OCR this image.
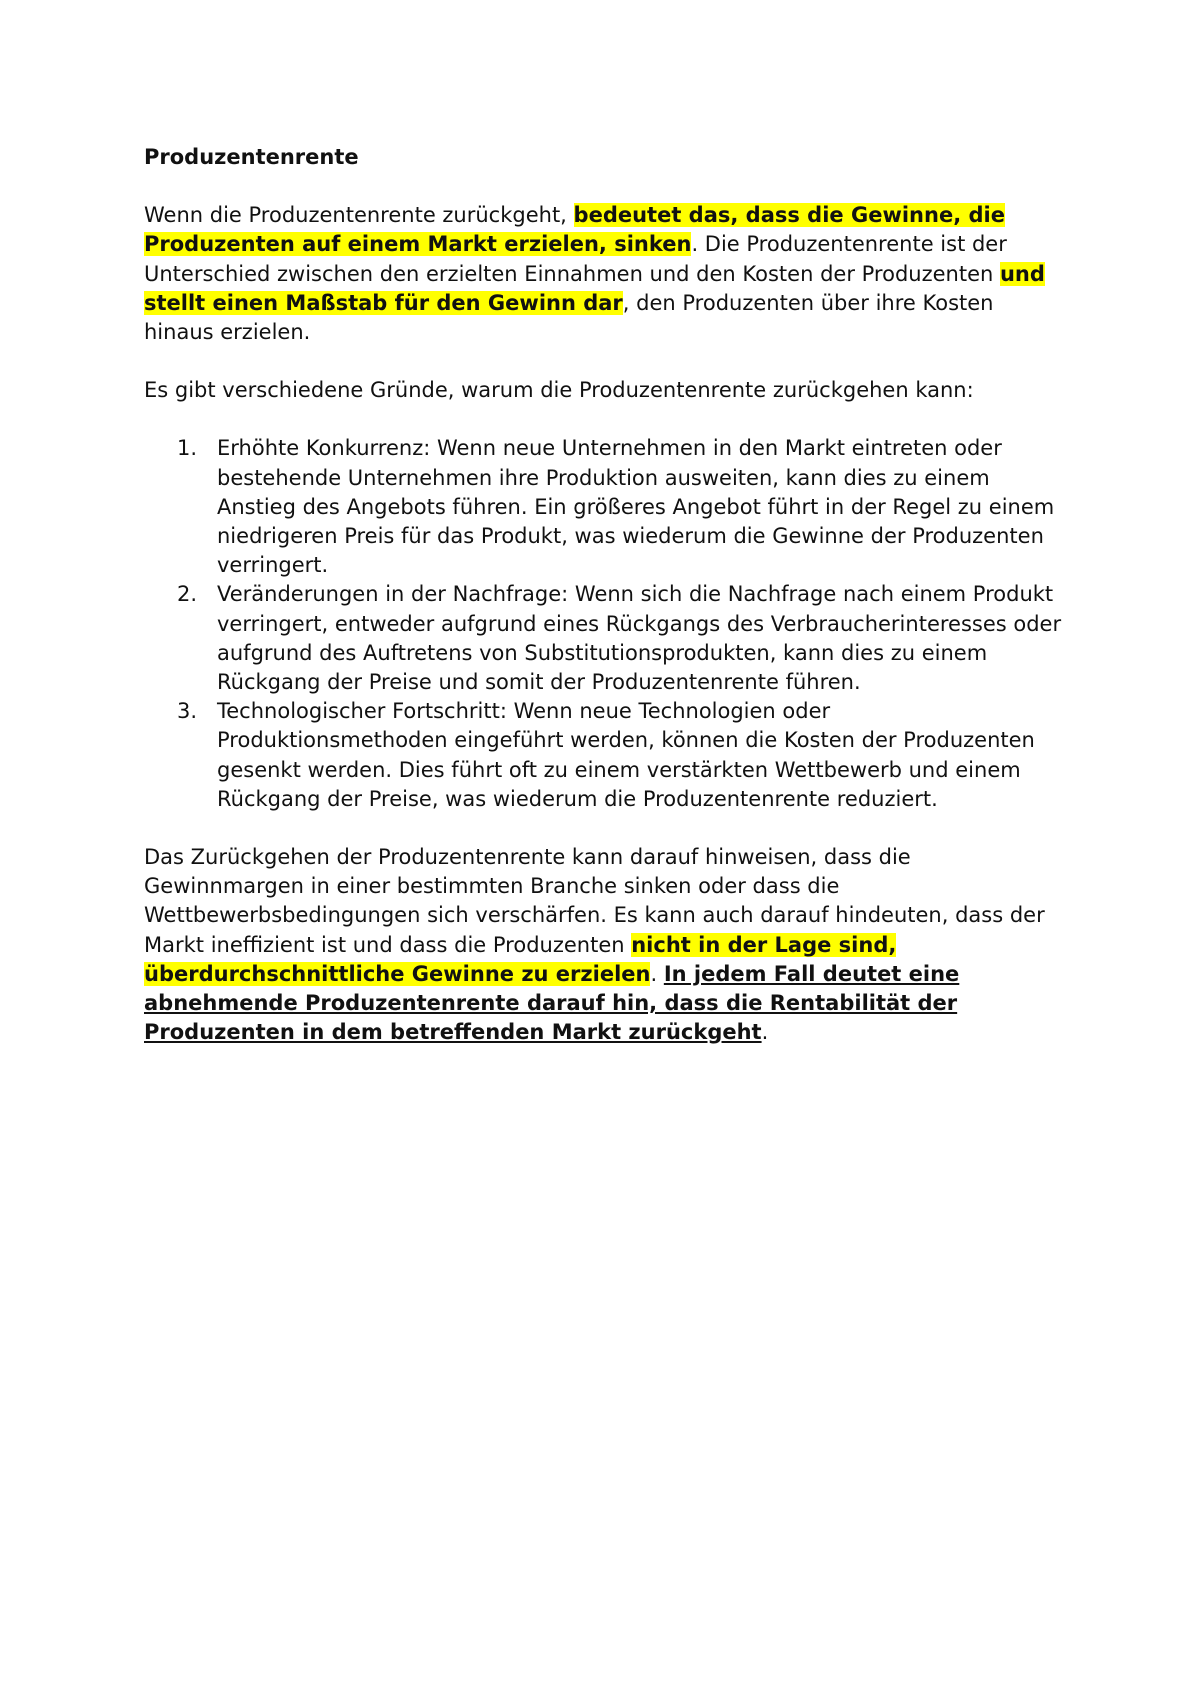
Produzentenrente

Wenn die Produzentenrente zurückgeht, bedeutet das, dass die Gewinne, die Produzenten auf einem Markt erzielen, sinken. Die Produzentenrente ist der Unterschied zwischen den erzielten Einnahmen und den Kosten der Produzenten und stellt einen Maßstab für den Gewinn dar, den Produzenten über ihre Kosten hinaus erzielen.

Es gibt verschiedene Gründe, warum die Produzentenrente zurückgehen kann:

1. Erhöhte Konkurrenz: Wenn neue Unternehmen in den Markt eintreten oder bestehende Unternehmen ihre Produktion ausweiten, kann dies zu einem Anstieg des Angebots führen. Ein größeres Angebot führt in der Regel zu einem niedrigeren Preis für das Produkt, was wiederum die Gewinne der Produzenten verringert.
2. Veränderungen in der Nachfrage: Wenn sich die Nachfrage nach einem Produkt verringert, entweder aufgrund eines Rückgangs des Verbraucherinteresses oder aufgrund des Auftretens von Substitutionsprodukten, kann dies zu einem Rückgang der Preise und somit der Produzentenrente führen.
3. Technologischer Fortschritt: Wenn neue Technologien oder Produktionsmethoden eingeführt werden, können die Kosten der Produzenten gesenkt werden. Dies führt oft zu einem verstärkten Wettbewerb und einem Rückgang der Preise, was wiederum die Produzentenrente reduziert.

Das Zurückgehen der Produzentenrente kann darauf hinweisen, dass die Gewinnmargen in einer bestimmten Branche sinken oder dass die Wettbewerbsbedingungen sich verschärfen. Es kann auch darauf hindeuten, dass der Markt ineffizient ist und dass die Produzenten nicht in der Lage sind, überdurchschnittliche Gewinne zu erzielen. In jedem Fall deutet eine abnehmende Produzentenrente darauf hin, dass die Rentabilität der Produzenten in dem betreffenden Markt zurückgeht.
